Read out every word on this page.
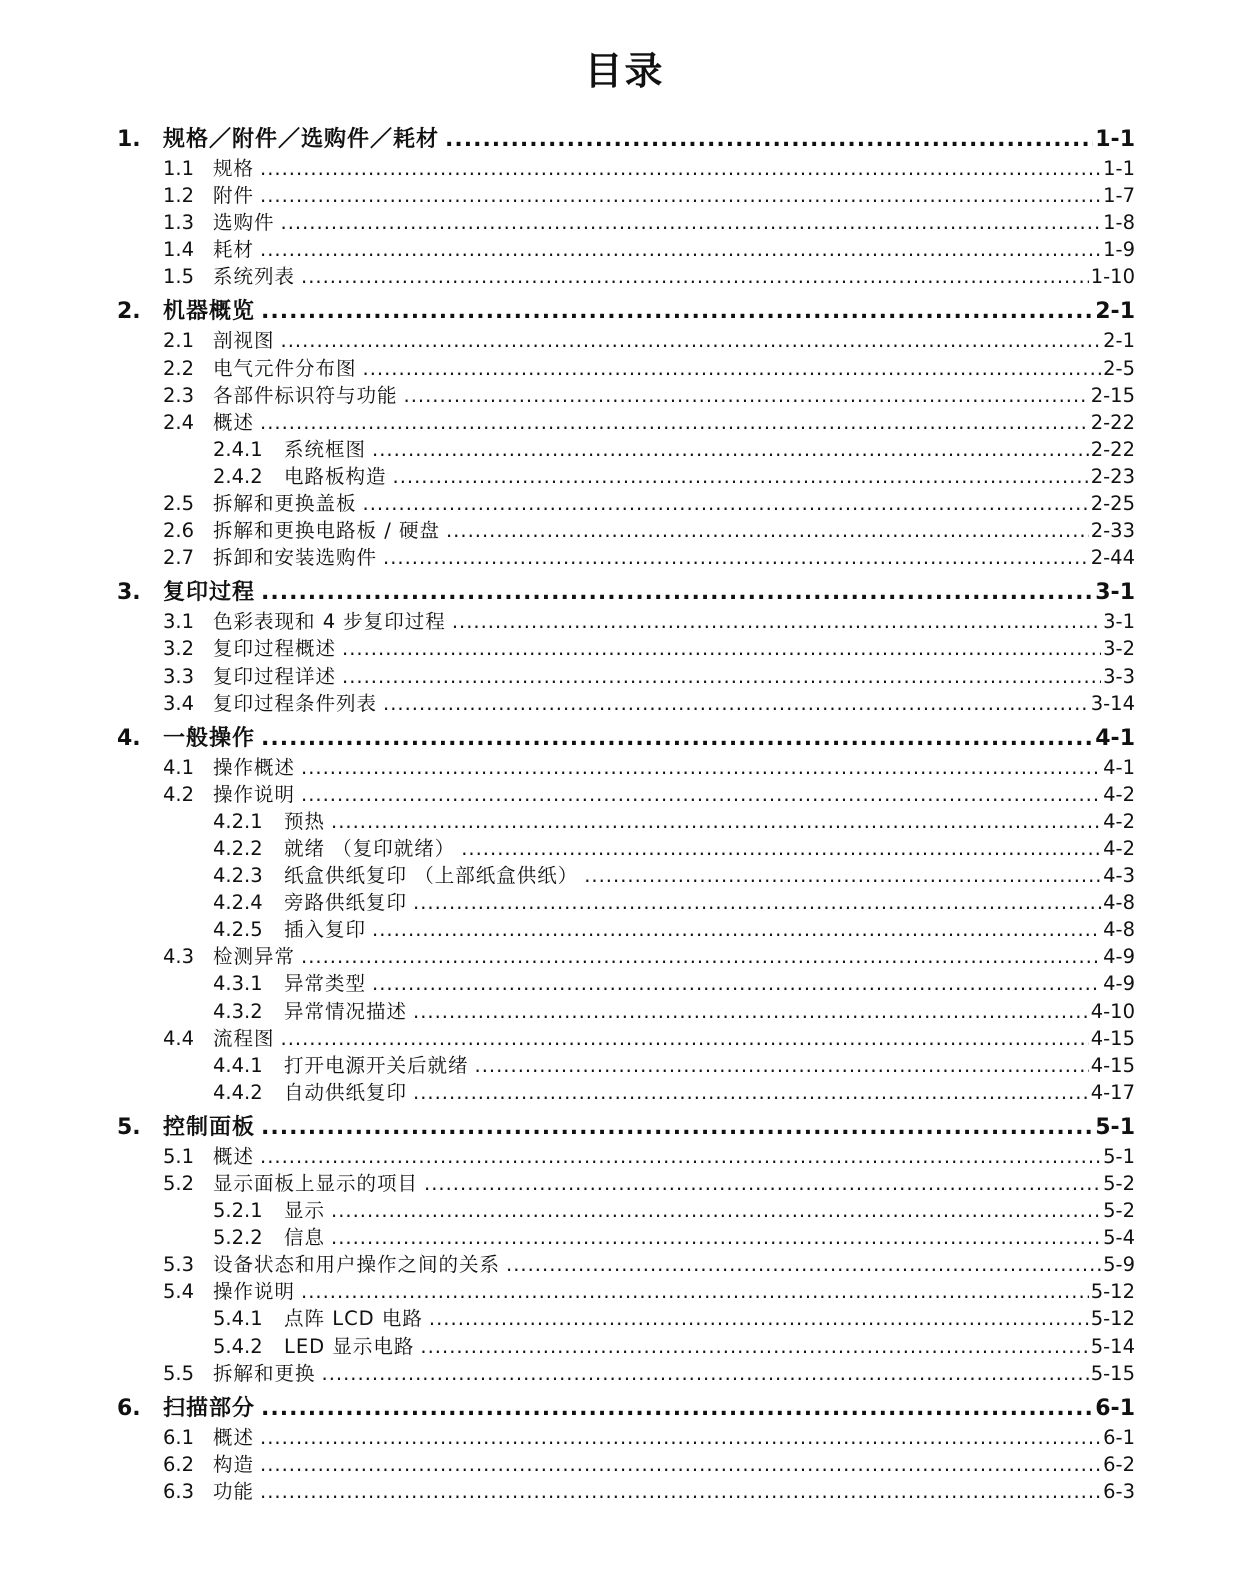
目录
1.	规格／附件／选购件／耗材 .....	1-1
1.1 规格 .....	1-1
1.2 附件 .....	1-7
1.3 选购件 .....	1-8
1.4 耗材 .....	1-9
1.5 系统列表 .....	1-10
2.	机器概览 .....	2-1
2.1 剖视图 .....	2-1
2.2 电气元件分布图 .....	2-5
2.3 各部件标识符与功能 .....	2-15
2.4 概述 .....	2-22
2.4.1	系统框图 .....	2-22
2.4.2	电路板构造 .....	2-23
2.5 拆解和更换盖板 .....	2-25
2.6 拆解和更换电路板 / 硬盘 .....	2-33
2.7 拆卸和安装选购件 .....	2-44
3.	复印过程 .....	3-1
3.1 色彩表现和 4 步复印过程 .....	3-1
3.2 复印过程概述 .....	3-2
3.3 复印过程详述 .....	3-3
3.4 复印过程条件列表 .....	3-14
4.	一般操作 .....	4-1
4.1 操作概述 .....	4-1
4.2 操作说明 .....	4-2
4.2.1	预热 .....	4-2
4.2.2	就绪 （复印就绪） .....	4-2
4.2.3	纸盒供纸复印 （上部纸盒供纸） .....	4-3
4.2.4	旁路供纸复印 .....	4-8
4.2.5	插入复印 .....	4-8
4.3 检测异常 .....	4-9
4.3.1	异常类型 .....	4-9
4.3.2	异常情况描述 .....	4-10
4.4 流程图 .....	4-15
4.4.1	打开电源开关后就绪 .....	4-15
4.4.2	自动供纸复印 .....	4-17
5.	控制面板 .....	5-1
5.1 概述 .....	5-1
5.2 显示面板上显示的项目 .....	5-2
5.2.1	显示 .....	5-2
5.2.2	信息 .....	5-4
5.3 设备状态和用户操作之间的关系 .....	5-9
5.4 操作说明 .....	5-12
5.4.1	点阵 LCD 电路 .....	5-12
5.4.2	LED 显示电路 .....	5-14
5.5 拆解和更换 .....	5-15
6.	扫描部分 .....	6-1
6.1 概述 .....	6-1
6.2 构造 .....	6-2
6.3 功能 .....	6-3
